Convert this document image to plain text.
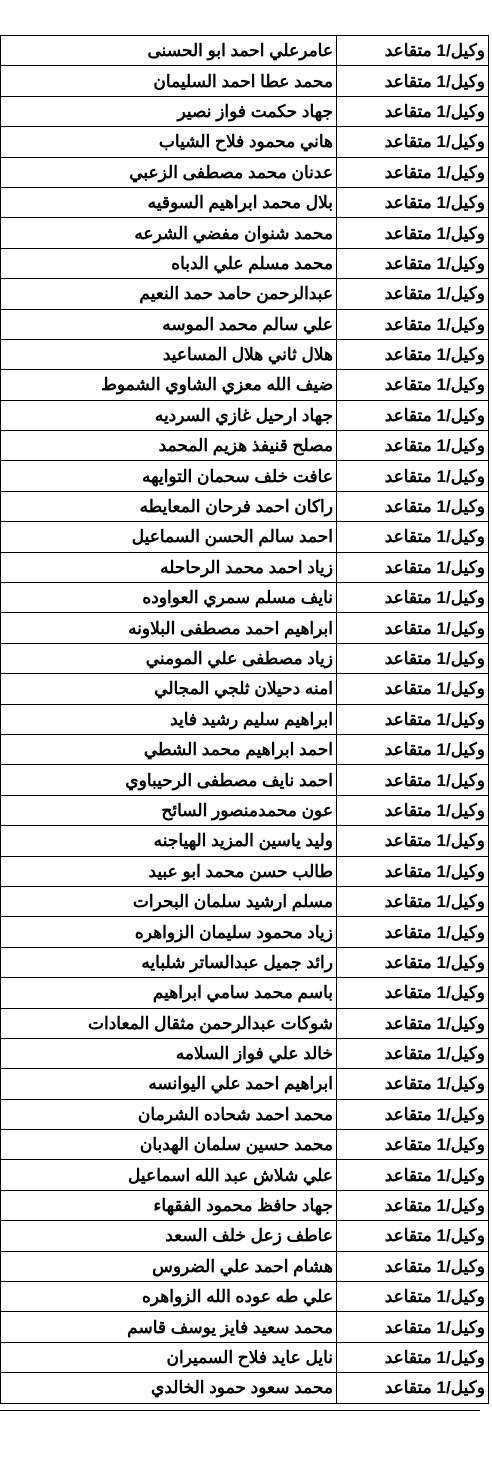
وكيل/1 متقاعد	عامرعلي احمد ابو الحسنى
وكيل/1 متقاعد	محمد عطا احمد السليمان
وكيل/1 متقاعد	جهاد حكمت فواز نصير
وكيل/1 متقاعد	هاني محمود فلاح الشياب
وكيل/1 متقاعد	عدنان محمد مصطفى الزعبي
وكيل/1 متقاعد	بلال محمد ابراهيم السوقيه
وكيل/1 متقاعد	محمد شنوان مفضي الشرعه
وكيل/1 متقاعد	محمد مسلم علي الدباه
وكيل/1 متقاعد	عبدالرحمن حامد حمد النعيم
وكيل/1 متقاعد	علي سالم محمد الموسه
وكيل/1 متقاعد	هلال ثاني هلال المساعيد
وكيل/1 متقاعد	ضيف الله معزي الشاوي الشموط
وكيل/1 متقاعد	جهاد ارحيل غازي السرديه
وكيل/1 متقاعد	مصلح قنيفذ هزيم المحمد
وكيل/1 متقاعد	عافت خلف سحمان التوايهه
وكيل/1 متقاعد	راكان احمد فرحان المعايطه
وكيل/1 متقاعد	احمد سالم الحسن السماعيل
وكيل/1 متقاعد	زياد احمد محمد الرحاحله
وكيل/1 متقاعد	نايف مسلم سمري العواوده
وكيل/1 متقاعد	ابراهيم احمد مصطفى البلاونه
وكيل/1 متقاعد	زياد مصطفى علي المومني
وكيل/1 متقاعد	امنه دحيلان ثلجي المجالي
وكيل/1 متقاعد	ابراهيم سليم رشيد فايد
وكيل/1 متقاعد	احمد ابراهيم محمد الشطي
وكيل/1 متقاعد	احمد نايف مصطفى الرحيباوي
وكيل/1 متقاعد	عون محمدمنصور السائح
وكيل/1 متقاعد	وليد ياسين المزيد الهياجنه
وكيل/1 متقاعد	طالب حسن محمد ابو عبيد
وكيل/1 متقاعد	مسلم ارشيد سلمان البحرات
وكيل/1 متقاعد	زياد محمود سليمان الزواهره
وكيل/1 متقاعد	رائد جميل عبدالساتر شلبايه
وكيل/1 متقاعد	باسم محمد سامي ابراهيم
وكيل/1 متقاعد	شوكات عبدالرحمن مثقال المعادات
وكيل/1 متقاعد	خالد علي فواز السلامه
وكيل/1 متقاعد	ابراهيم احمد علي اليوانسه
وكيل/1 متقاعد	محمد احمد شحاده الشرمان
وكيل/1 متقاعد	محمد حسين سلمان الهدبان
وكيل/1 متقاعد	علي شلاش عبد الله اسماعيل
وكيل/1 متقاعد	جهاد حافظ محمود الفقهاء
وكيل/1 متقاعد	عاطف زعل خلف السعد
وكيل/1 متقاعد	هشام احمد علي الضروس
وكيل/1 متقاعد	علي طه عوده الله الزواهره
وكيل/1 متقاعد	محمد سعيد فايز يوسف قاسم
وكيل/1 متقاعد	نايل عايد فلاح السميران
وكيل/1 متقاعد	محمد سعود حمود الخالدي
